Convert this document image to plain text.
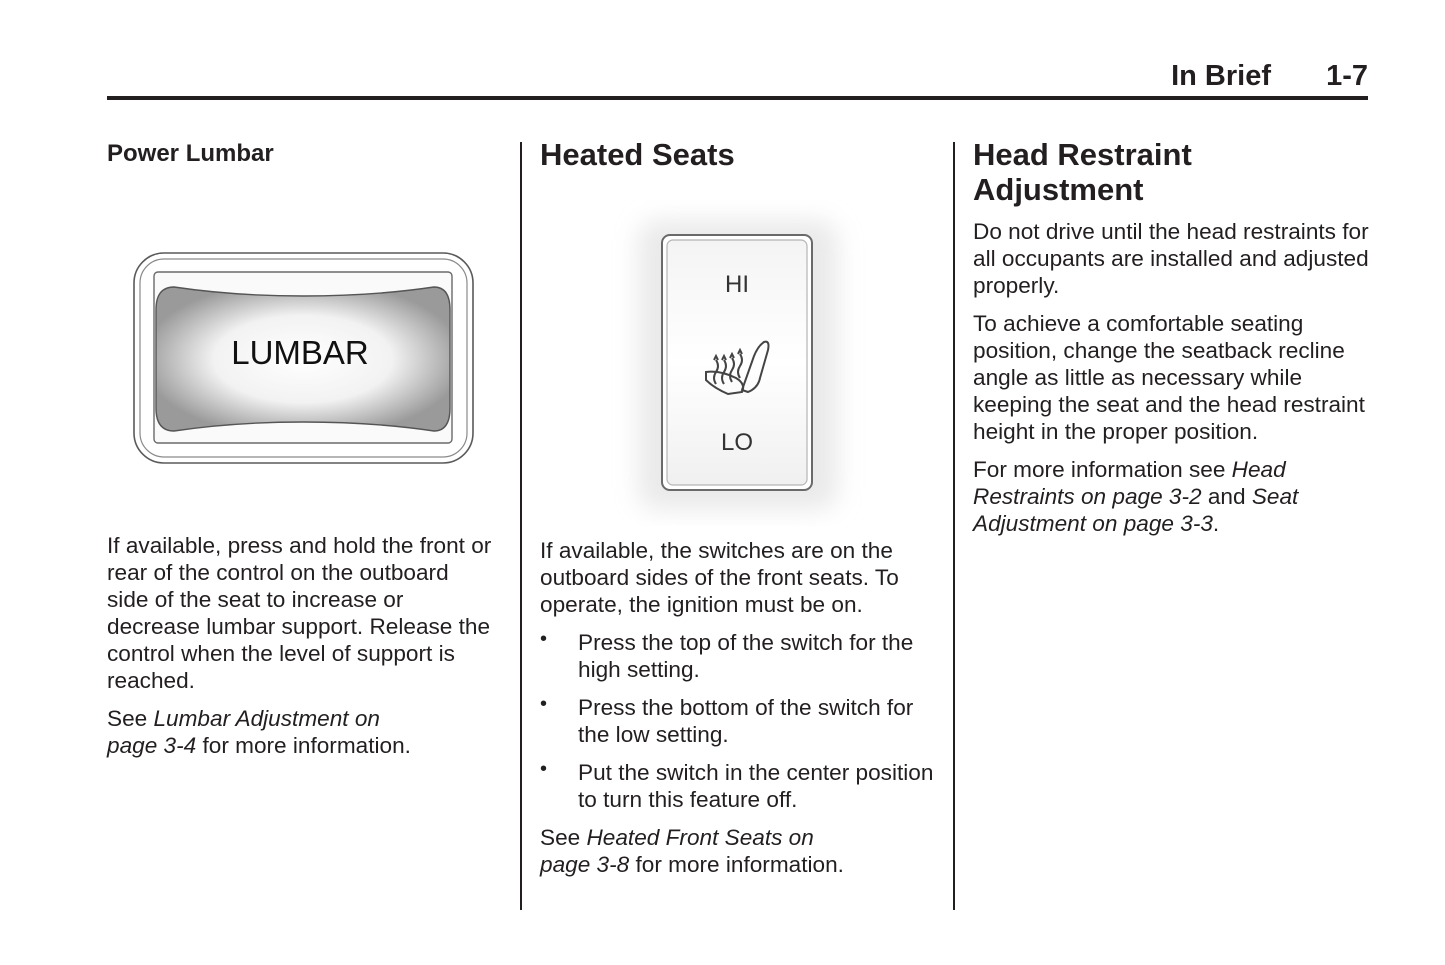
In Brief 1-7
Power Lumbar
LUMBAR

If available, press and hold the front or rear of the control on the outboard side of the seat to increase or decrease lumbar support. Release the control when the level of support is reached.

See Lumbar Adjustment on
page 3-4 for more information.

Heated Seats
HI
LO

If available, the switches are on the outboard sides of the front seats. To operate, the ignition must be on.

• Press the top of the switch for the high setting.
• Press the bottom of the switch for the low setting.
• Put the switch in the center position to turn this feature off.

See Heated Front Seats on
page 3-8 for more information.

Head Restraint
Adjustment

Do not drive until the head restraints for all occupants are installed and adjusted properly.

To achieve a comfortable seating position, change the seatback recline angle as little as necessary while keeping the seat and the head restraint height in the proper position.

For more information see Head Restraints on page 3-2 and Seat Adjustment on page 3-3.
